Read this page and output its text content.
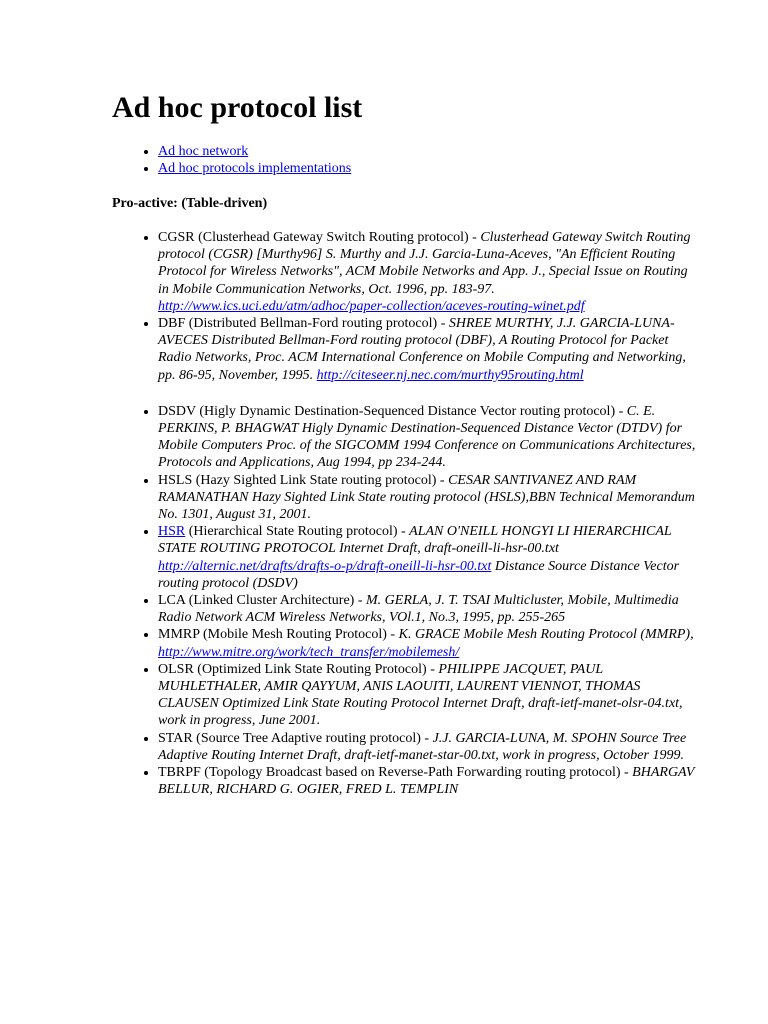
Ad hoc protocol list
• Ad hoc network
• Ad hoc protocols implementations
Pro-active: (Table-driven)
• CGSR (Clusterhead Gateway Switch Routing protocol) - Clusterhead Gateway Switch Routing protocol (CGSR) [Murthy96] S. Murthy and J.J. Garcia-Luna-Aceves, "An Efficient Routing Protocol for Wireless Networks", ACM Mobile Networks and App. J., Special Issue on Routing in Mobile Communication Networks, Oct. 1996, pp. 183-97. http://www.ics.uci.edu/atm/adhoc/paper-collection/aceves-routing-winet.pdf
• DBF (Distributed Bellman-Ford routing protocol) - SHREE MURTHY, J.J. GARCIA-LUNA-AVECES Distributed Bellman-Ford routing protocol (DBF), A Routing Protocol for Packet Radio Networks, Proc. ACM International Conference on Mobile Computing and Networking, pp. 86-95, November, 1995. http://citeseer.nj.nec.com/murthy95routing.html
• DSDV (Higly Dynamic Destination-Sequenced Distance Vector routing protocol) - C. E. PERKINS, P. BHAGWAT Higly Dynamic Destination-Sequenced Distance Vector (DTDV) for Mobile Computers Proc. of the SIGCOMM 1994 Conference on Communications Architectures, Protocols and Applications, Aug 1994, pp 234-244.
• HSLS (Hazy Sighted Link State routing protocol) - CESAR SANTIVANEZ AND RAM RAMANATHAN Hazy Sighted Link State routing protocol (HSLS),BBN Technical Memorandum No. 1301, August 31, 2001.
• HSR (Hierarchical State Routing protocol) - ALAN O'NEILL HONGYI LI HIERARCHICAL STATE ROUTING PROTOCOL Internet Draft, draft-oneill-li-hsr-00.txt http://alternic.net/drafts/drafts-o-p/draft-oneill-li-hsr-00.txt Distance Source Distance Vector routing protocol (DSDV)
• LCA (Linked Cluster Architecture) - M. GERLA, J. T. TSAI Multicluster, Mobile, Multimedia Radio Network ACM Wireless Networks, VOl.1, No.3, 1995, pp. 255-265
• MMRP (Mobile Mesh Routing Protocol) - K. GRACE Mobile Mesh Routing Protocol (MMRP), http://www.mitre.org/work/tech_transfer/mobilemesh/
• OLSR (Optimized Link State Routing Protocol) - PHILIPPE JACQUET, PAUL MUHLETHALER, AMIR QAYYUM, ANIS LAOUITI, LAURENT VIENNOT, THOMAS CLAUSEN Optimized Link State Routing Protocol Internet Draft, draft-ietf-manet-olsr-04.txt, work in progress, June 2001.
• STAR (Source Tree Adaptive routing protocol) - J.J. GARCIA-LUNA, M. SPOHN Source Tree Adaptive Routing Internet Draft, draft-ietf-manet-star-00.txt, work in progress, October 1999.
• TBRPF (Topology Broadcast based on Reverse-Path Forwarding routing protocol) - BHARGAV BELLUR, RICHARD G. OGIER, FRED L. TEMPLIN
